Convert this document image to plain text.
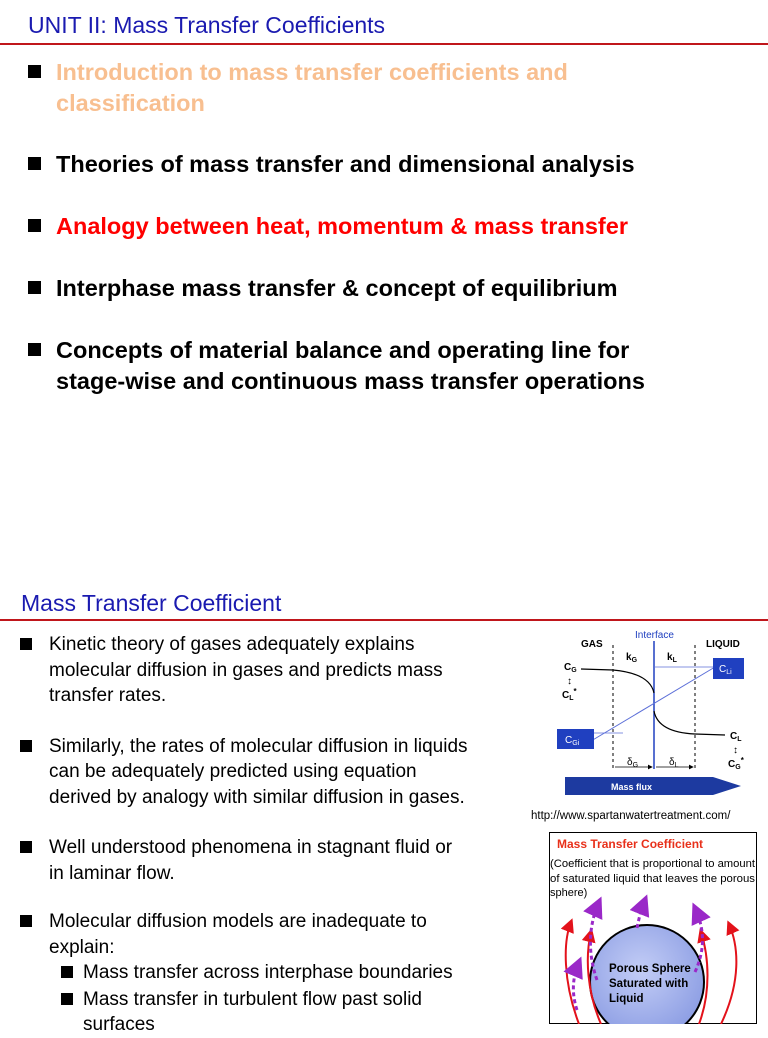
UNIT II: Mass Transfer Coefficients
Introduction to mass transfer coefficients and
classification
Theories of mass transfer and dimensional analysis
Analogy between heat, momentum & mass transfer
Interphase mass transfer & concept of equilibrium
Concepts of material balance and operating line for
stage-wise and continuous mass transfer operations
Mass Transfer Coefficient
Kinetic theory of gases adequately explains
molecular diffusion in gases and predicts mass
transfer rates.
Similarly, the rates of molecular diffusion in liquids
can be adequately predicted using equation
derived by analogy with similar diffusion in gases.
Well understood phenomena in stagnant fluid or
in laminar flow.
Molecular diffusion models are inadequate to
explain:
Mass transfer across interphase boundaries
Mass transfer in turbulent flow past solid
surfaces
GAS
Interface
LIQUID
$k_G$	$k_L$
$C_G$
↕
$C_L^*$
$C_{Li}$
$C_{Gi}$
$C_L$
↕
$C_G^*$
$\delta_G$	$\delta_L$
Mass flux
http://www.spartanwatertreatment.com/
Mass Transfer Coefficient
(Coefficient that is proportional to amount
of saturated liquid that leaves the porous
sphere)
Porous Sphere
Saturated with
Liquid
